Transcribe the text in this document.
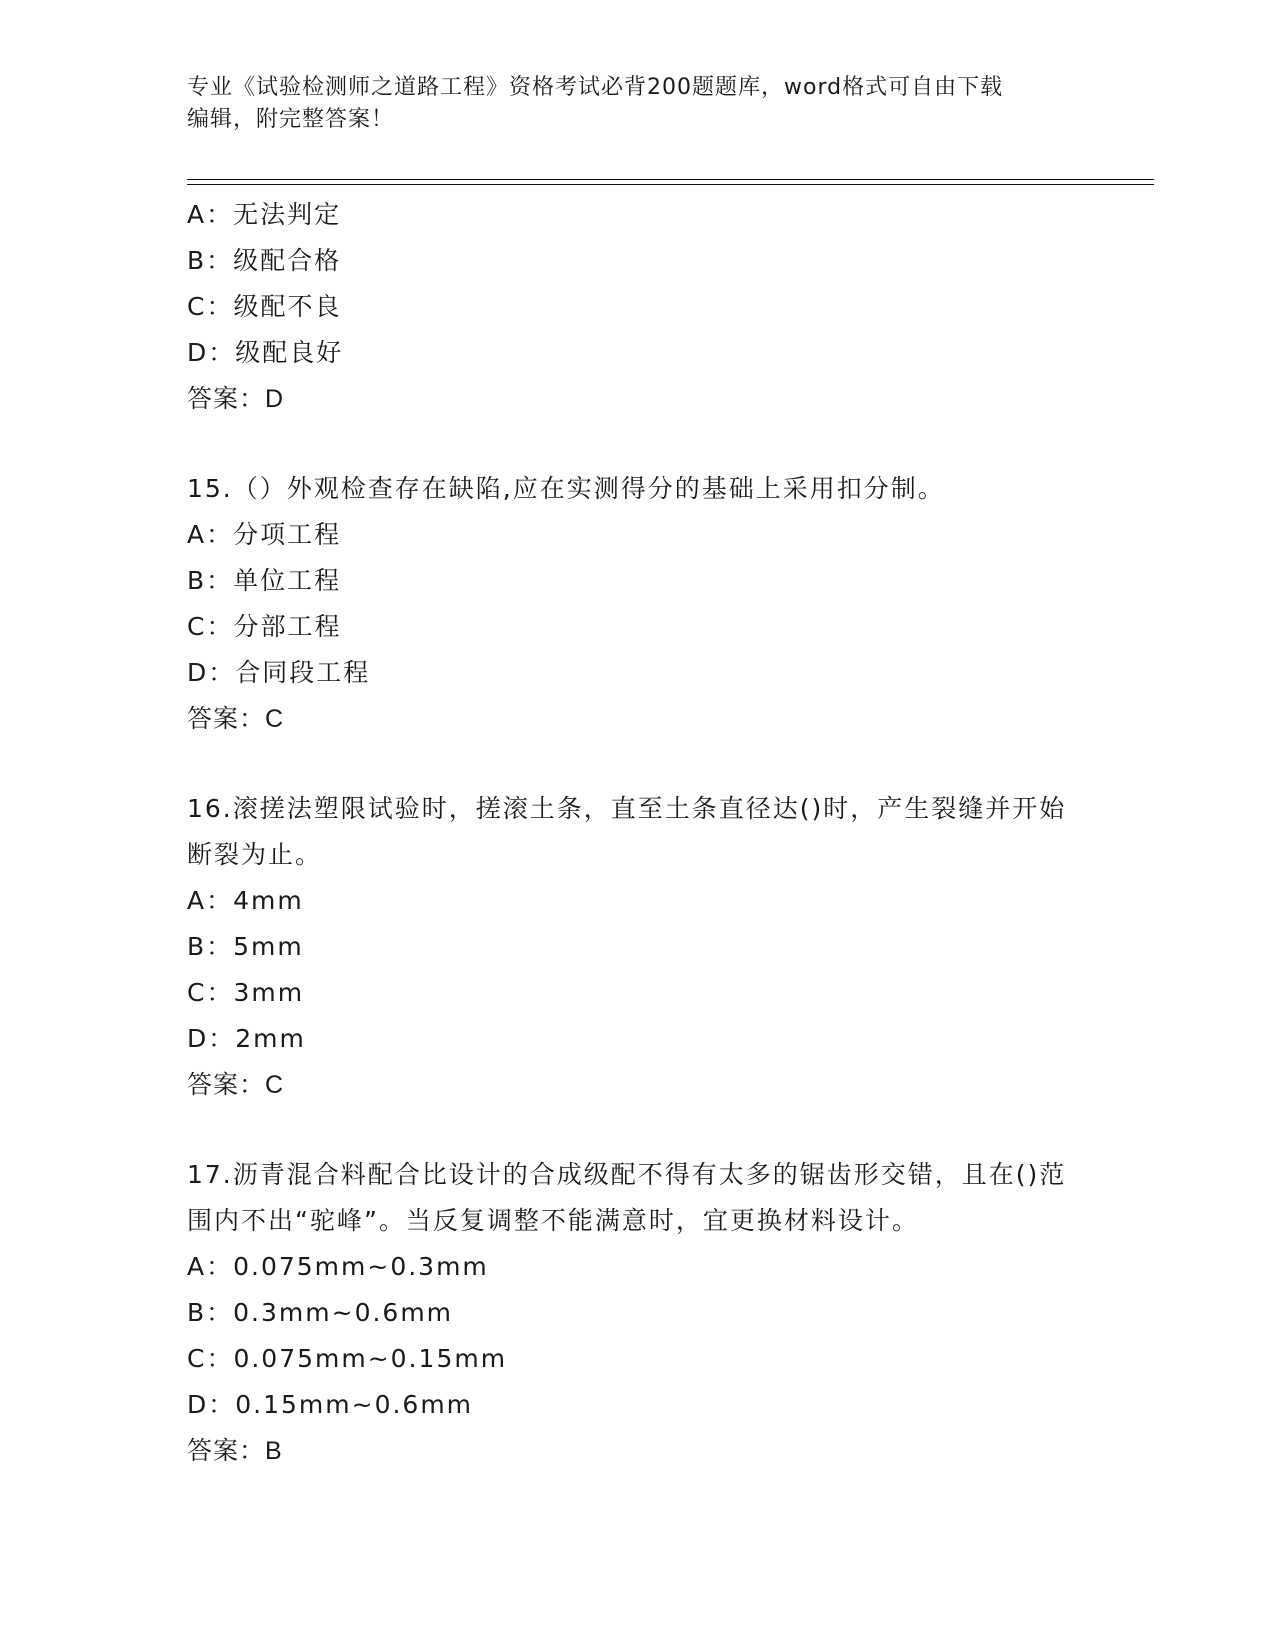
专业《试验检测师之道路工程》资格考试必背200题题库，word格式可自由下载
编辑，附完整答案！
A：无法判定
B：级配合格
C：级配不良
D：级配良好
答案：D
15.（）外观检查存在缺陷,应在实测得分的基础上采用扣分制。
A：分项工程
B：单位工程
C：分部工程
D：合同段工程
答案：C
16.滚搓法塑限试验时，搓滚土条，直至土条直径达()时，产生裂缝并开始断裂为止。
A：4mm
B：5mm
C：3mm
D：2mm
答案：C
17.沥青混合料配合比设计的合成级配不得有太多的锯齿形交错，且在()范围内不出“驼峰”。当反复调整不能满意时，宜更换材料设计。
A：0.075mm~0.3mm
B：0.3mm~0.6mm
C：0.075mm~0.15mm
D：0.15mm~0.6mm
答案：B
